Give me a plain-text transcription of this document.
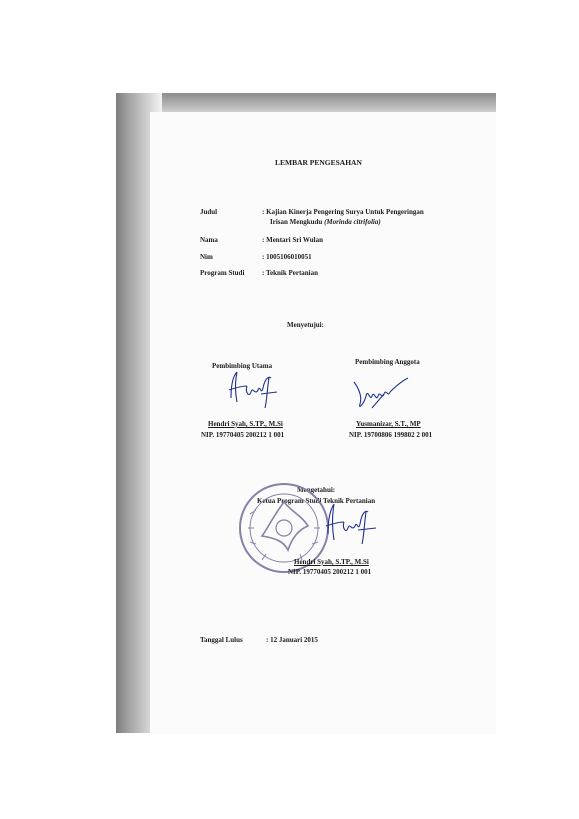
LEMBAR PENGESAHAN
Judul	: Kajian Kinerja Pengering Surya Untuk Pengeringan
Irisan Mengkudu (Morinda citrifolia)
Nama	: Mentari Sri Wulan
Nim	: 1005106010051
Program Studi	: Teknik Pertanian
Menyetujui:
Pembimbing Utama
Hendri Syah, S.TP., M.Si
NIP. 19770405 200212 1 001
Pembimbing Anggota
Yusmanizar, S.T., MP
NIP. 19700806 199802 2 001
Mengetahui:
Ketua Program Studi Teknik Pertanian
Hendri Syah, S.TP., M.Si
NIP. 19770405 200212 1 001
Tanggal Lulus	: 12 Januari 2015
